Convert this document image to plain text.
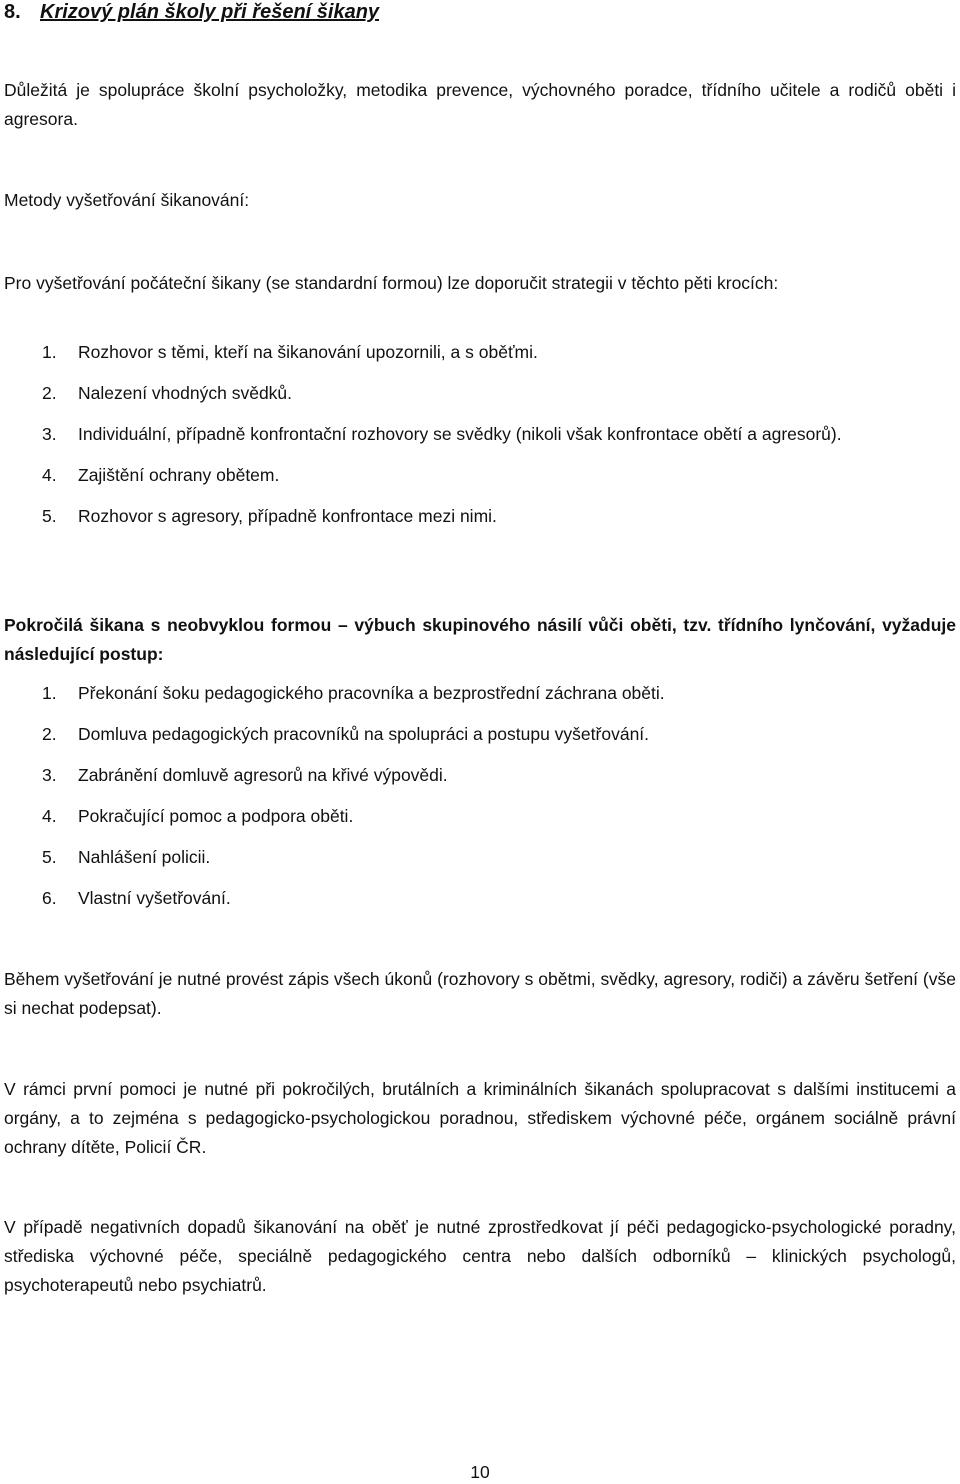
8. Krizový plán školy při řešení šikany

Důležitá je spolupráce školní psycholožky, metodika prevence, výchovného poradce, třídního učitele a rodičů oběti i agresora.

Metody vyšetřování šikanování:

Pro vyšetřování počáteční šikany (se standardní formou) lze doporučit strategii v těchto pěti krocích:

1. Rozhovor s těmi, kteří na šikanování upozornili, a s oběťmi.
2. Nalezení vhodných svědků.
3. Individuální, případně konfrontační rozhovory se svědky (nikoli však konfrontace obětí a agresorů).
4. Zajištění ochrany obětem.
5. Rozhovor s agresory, případně konfrontace mezi nimi.

Pokročilá šikana s neobvyklou formou – výbuch skupinového násilí vůči oběti, tzv. třídního lynčování, vyžaduje následující postup:

1. Překonání šoku pedagogického pracovníka a bezprostřední záchrana oběti.
2. Domluva pedagogických pracovníků na spolupráci a postupu vyšetřování.
3. Zabránění domluvě agresorů na křivé výpovědi.
4. Pokračující pomoc a podpora oběti.
5. Nahlášení policii.
6. Vlastní vyšetřování.

Během vyšetřování je nutné provést zápis všech úkonů (rozhovory s obětmi, svědky, agresory, rodiči) a závěru šetření (vše si nechat podepsat).

V rámci první pomoci je nutné při pokročilých, brutálních a kriminálních šikanách spolupracovat s dalšími institucemi a orgány, a to zejména s pedagogicko-psychologickou poradnou, střediskem výchovné péče, orgánem sociálně právní ochrany dítěte, Policií ČR.

V případě negativních dopadů šikanování na oběť je nutné zprostředkovat jí péči pedagogicko-psychologické poradny, střediska výchovné péče, speciálně pedagogického centra nebo dalších odborníků – klinických psychologů, psychoterapeutů nebo psychiatrů.

10
